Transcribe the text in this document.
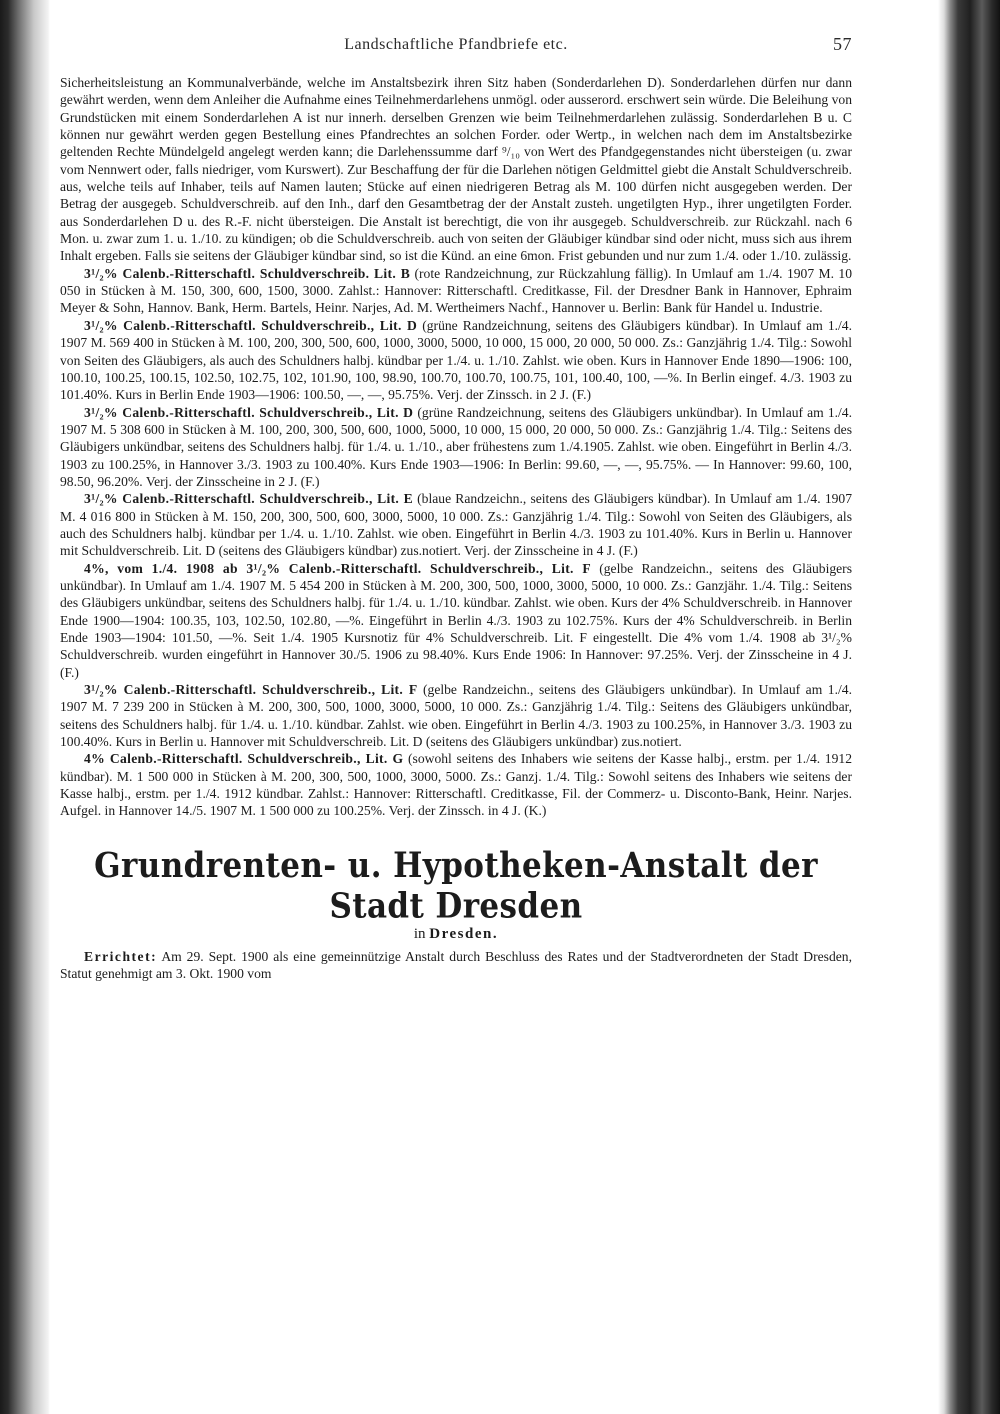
Landschaftliche Pfandbriefe etc.	57

Sicherheitsleistung an Kommunalverbände, welche im Anstaltsbezirk ihren Sitz haben (Sonderdarlehen D). Sonderdarlehen dürfen nur dann gewährt werden, wenn dem Anleiher die Aufnahme eines Teilnehmerdarlehens unmögl. oder ausserord. erschwert sein würde. Die Beleihung von Grundstücken mit einem Sonderdarlehen A ist nur innerh. derselben Grenzen wie beim Teilnehmerdarlehen zulässig. Sonderdarlehen B u. C können nur gewährt werden gegen Bestellung eines Pfandrechtes an solchen Forder. oder Wertp., in welchen nach dem im Anstaltsbezirke geltenden Rechte Mündelgeld angelegt werden kann; die Darlehenssumme darf ⁹/₁₀ von Wert des Pfandgegenstandes nicht übersteigen (u. zwar vom Nennwert oder, falls niedriger, vom Kurswert). Zur Beschaffung der für die Darlehen nötigen Geldmittel giebt die Anstalt Schuldverschreib. aus, welche teils auf Inhaber, teils auf Namen lauten; Stücke auf einen niedrigeren Betrag als M. 100 dürfen nicht ausgegeben werden. Der Betrag der ausgegeb. Schuldverschreib. auf den Inh., darf den Gesamtbetrag der der Anstalt zusteh. ungetilgten Hyp., ihrer ungetilgten Forder. aus Sonderdarlehen D u. des R.-F. nicht übersteigen. Die Anstalt ist berechtigt, die von ihr ausgegeb. Schuldverschreib. zur Rückzahl. nach 6 Mon. u. zwar zum 1. u. 1./10. zu kündigen; ob die Schuldverschreib. auch von seiten der Gläubiger kündbar sind oder nicht, muss sich aus ihrem Inhalt ergeben. Falls sie seitens der Gläubiger kündbar sind, so ist die Künd. an eine 6mon. Frist gebunden und nur zum 1./4. oder 1./10. zulässig.

3¹/₂% Calenb.-Ritterschaftl. Schuldverschreib. Lit. B (rote Randzeichnung, zur Rückzahlung fällig). In Umlauf am 1./4. 1907 M. 10 050 in Stücken à M. 150, 300, 600, 1500, 3000. Zahlst.: Hannover: Ritterschaftl. Creditkasse, Fil. der Dresdner Bank in Hannover, Ephraim Meyer & Sohn, Hannov. Bank, Herm. Bartels, Heinr. Narjes, Ad. M. Wertheimers Nachf., Hannover u. Berlin: Bank für Handel u. Industrie.

3¹/₂% Calenb.-Ritterschaftl. Schuldverschreib., Lit. D (grüne Randzeichnung, seitens des Gläubigers kündbar). In Umlauf am 1./4. 1907 M. 569 400 in Stücken à M. 100, 200, 300, 500, 600, 1000, 3000, 5000, 10 000, 15 000, 20 000, 50 000. Zs.: Ganzjährig 1./4. Tilg.: Sowohl von Seiten des Gläubigers, als auch des Schuldners halbj. kündbar per 1./4. u. 1./10. Zahlst. wie oben. Kurs in Hannover Ende 1890—1906: 100, 100.10, 100.25, 100.15, 102.50, 102.75, 102, 101.90, 100, 98.90, 100.70, 100.70, 100.75, 101, 100.40, 100, —%. In Berlin eingef. 4./3. 1903 zu 101.40%. Kurs in Berlin Ende 1903—1906: 100.50, —, —, 95.75%. Verj. der Zinssch. in 2 J. (F.)

3¹/₂% Calenb.-Ritterschaftl. Schuldverschreib., Lit. D (grüne Randzeichnung, seitens des Gläubigers unkündbar). In Umlauf am 1./4. 1907 M. 5 308 600 in Stücken à M. 100, 200, 300, 500, 600, 1000, 5000, 10 000, 15 000, 20 000, 50 000. Zs.: Ganzjährig 1./4. Tilg.: Seitens des Gläubigers unkündbar, seitens des Schuldners halbj. für 1./4. u. 1./10., aber frühestens zum 1./4.1905. Zahlst. wie oben. Eingeführt in Berlin 4./3. 1903 zu 100.25%, in Hannover 3./3. 1903 zu 100.40%. Kurs Ende 1903—1906: In Berlin: 99.60, —, —, 95.75%. — In Hannover: 99.60, 100, 98.50, 96.20%. Verj. der Zinsscheine in 2 J. (F.)

3¹/₂% Calenb.-Ritterschaftl. Schuldverschreib., Lit. E (blaue Randzeichn., seitens des Gläubigers kündbar). In Umlauf am 1./4. 1907 M. 4 016 800 in Stücken à M. 150, 200, 300, 500, 600, 3000, 5000, 10 000. Zs.: Ganzjährig 1./4. Tilg.: Sowohl von Seiten des Gläubigers, als auch des Schuldners halbj. kündbar per 1./4. u. 1./10. Zahlst. wie oben. Eingeführt in Berlin 4./3. 1903 zu 101.40%. Kurs in Berlin u. Hannover mit Schuldverschreib. Lit. D (seitens des Gläubigers kündbar) zus.notiert. Verj. der Zinsscheine in 4 J. (F.)

4%, vom 1./4. 1908 ab 3¹/₂% Calenb.-Ritterschaftl. Schuldverschreib., Lit. F (gelbe Randzeichn., seitens des Gläubigers unkündbar). In Umlauf am 1./4. 1907 M. 5 454 200 in Stücken à M. 200, 300, 500, 1000, 3000, 5000, 10 000. Zs.: Ganzjähr. 1./4. Tilg.: Seitens des Gläubigers unkündbar, seitens des Schuldners halbj. für 1./4. u. 1./10. kündbar. Zahlst. wie oben. Kurs der 4% Schuldverschreib. in Hannover Ende 1900—1904: 100.35, 103, 102.50, 102.80, —%. Eingeführt in Berlin 4./3. 1903 zu 102.75%. Kurs der 4% Schuldverschreib. in Berlin Ende 1903—1904: 101.50, —%. Seit 1./4. 1905 Kursnotiz für 4% Schuldverschreib. Lit. F eingestellt. Die 4% vom 1./4. 1908 ab 3¹/₂% Schuldverschreib. wurden eingeführt in Hannover 30./5. 1906 zu 98.40%. Kurs Ende 1906: In Hannover: 97.25%. Verj. der Zinsscheine in 4 J. (F.)

3¹/₂% Calenb.-Ritterschaftl. Schuldverschreib., Lit. F (gelbe Randzeichn., seitens des Gläubigers unkündbar). In Umlauf am 1./4. 1907 M. 7 239 200 in Stücken à M. 200, 300, 500, 1000, 3000, 5000, 10 000. Zs.: Ganzjährig 1./4. Tilg.: Seitens des Gläubigers unkündbar, seitens des Schuldners halbj. für 1./4. u. 1./10. kündbar. Zahlst. wie oben. Eingeführt in Berlin 4./3. 1903 zu 100.25%, in Hannover 3./3. 1903 zu 100.40%. Kurs in Berlin u. Hannover mit Schuldverschreib. Lit. D (seitens des Gläubigers unkündbar) zus.notiert.

4% Calenb.-Ritterschaftl. Schuldverschreib., Lit. G (sowohl seitens des Inhabers wie seitens der Kasse halbj., erstm. per 1./4. 1912 kündbar). M. 1 500 000 in Stücken à M. 200, 300, 500, 1000, 3000, 5000. Zs.: Ganzj. 1./4. Tilg.: Sowohl seitens des Inhabers wie seitens der Kasse halbj., erstm. per 1./4. 1912 kündbar. Zahlst.: Hannover: Ritterschaftl. Creditkasse, Fil. der Commerz- u. Disconto-Bank, Heinr. Narjes. Aufgel. in Hannover 14./5. 1907 M. 1 500 000 zu 100.25%. Verj. der Zinssch. in 4 J. (K.)

Grundrenten- u. Hypotheken-Anstalt der Stadt Dresden
in Dresden.

Errichtet: Am 29. Sept. 1900 als eine gemeinnützige Anstalt durch Beschluss des Rates und der Stadtverordneten der Stadt Dresden, Statut genehmigt am 3. Okt. 1900 vom
